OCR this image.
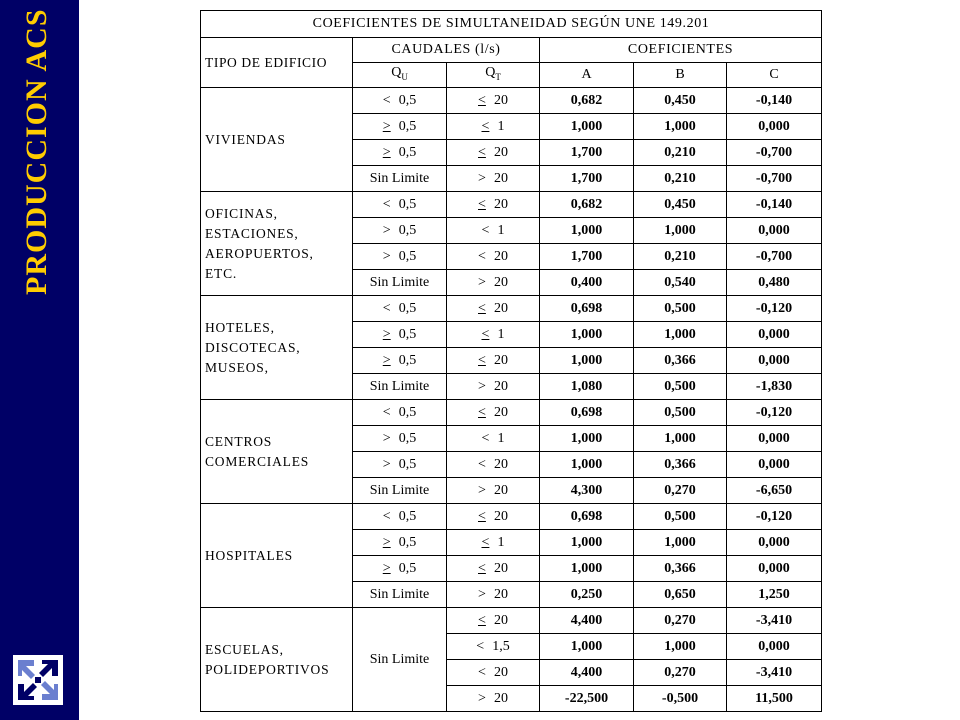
PRODUCCION ACS	COEFICIENTES DE SIMULTANEIDAD SEGÚN UNE 149.201					
TIPO DE EDIFICIO	CAUDALES (l/s)		COEFICIENTES		
	$Q_U$	$Q_T$	A	B	C
VIVIENDAS	< 0,5	< 20	0,682	0,450	-0,140
	> 0,5	< 1	1,000	1,000	0,000
	> 0,5	< 20	1,700	0,210	-0,700
	Sin Limite	> 20	1,700	0,210	-0,700
OFICINAS, ESTACIONES, AEROPUERTOS, ETC.	< 0,5	< 20	0,682	0,450	-0,140
	> 0,5	< 1	1,000	1,000	0,000
	> 0,5	< 20	1,700	0,210	-0,700
	Sin Limite	> 20	0,400	0,540	0,480
HOTELES, DISCOTECAS, MUSEOS,	< 0,5	< 20	0,698	0,500	-0,120
	> 0,5	< 1	1,000	1,000	0,000
	> 0,5	< 20	1,000	0,366	0,000
	Sin Limite	> 20	1,080	0,500	-1,830
CENTROS COMERCIALES	< 0,5	< 20	0,698	0,500	-0,120
	> 0,5	< 1	1,000	1,000	0,000
	> 0,5	< 20	1,000	0,366	0,000
	Sin Limite	> 20	4,300	0,270	-6,650
HOSPITALES	< 0,5	< 20	0,698	0,500	-0,120
	> 0,5	< 1	1,000	1,000	0,000
	> 0,5	< 20	1,000	0,366	0,000
	Sin Limite	> 20	0,250	0,650	1,250
ESCUELAS, POLIDEPORTIVOS	Sin Limite	< 20	4,400	0,270	-3,410
		< 1,5	1,000	1,000	0,000
		< 20	4,400	0,270	-3,410
		> 20	-22,500	-0,500	11,500
